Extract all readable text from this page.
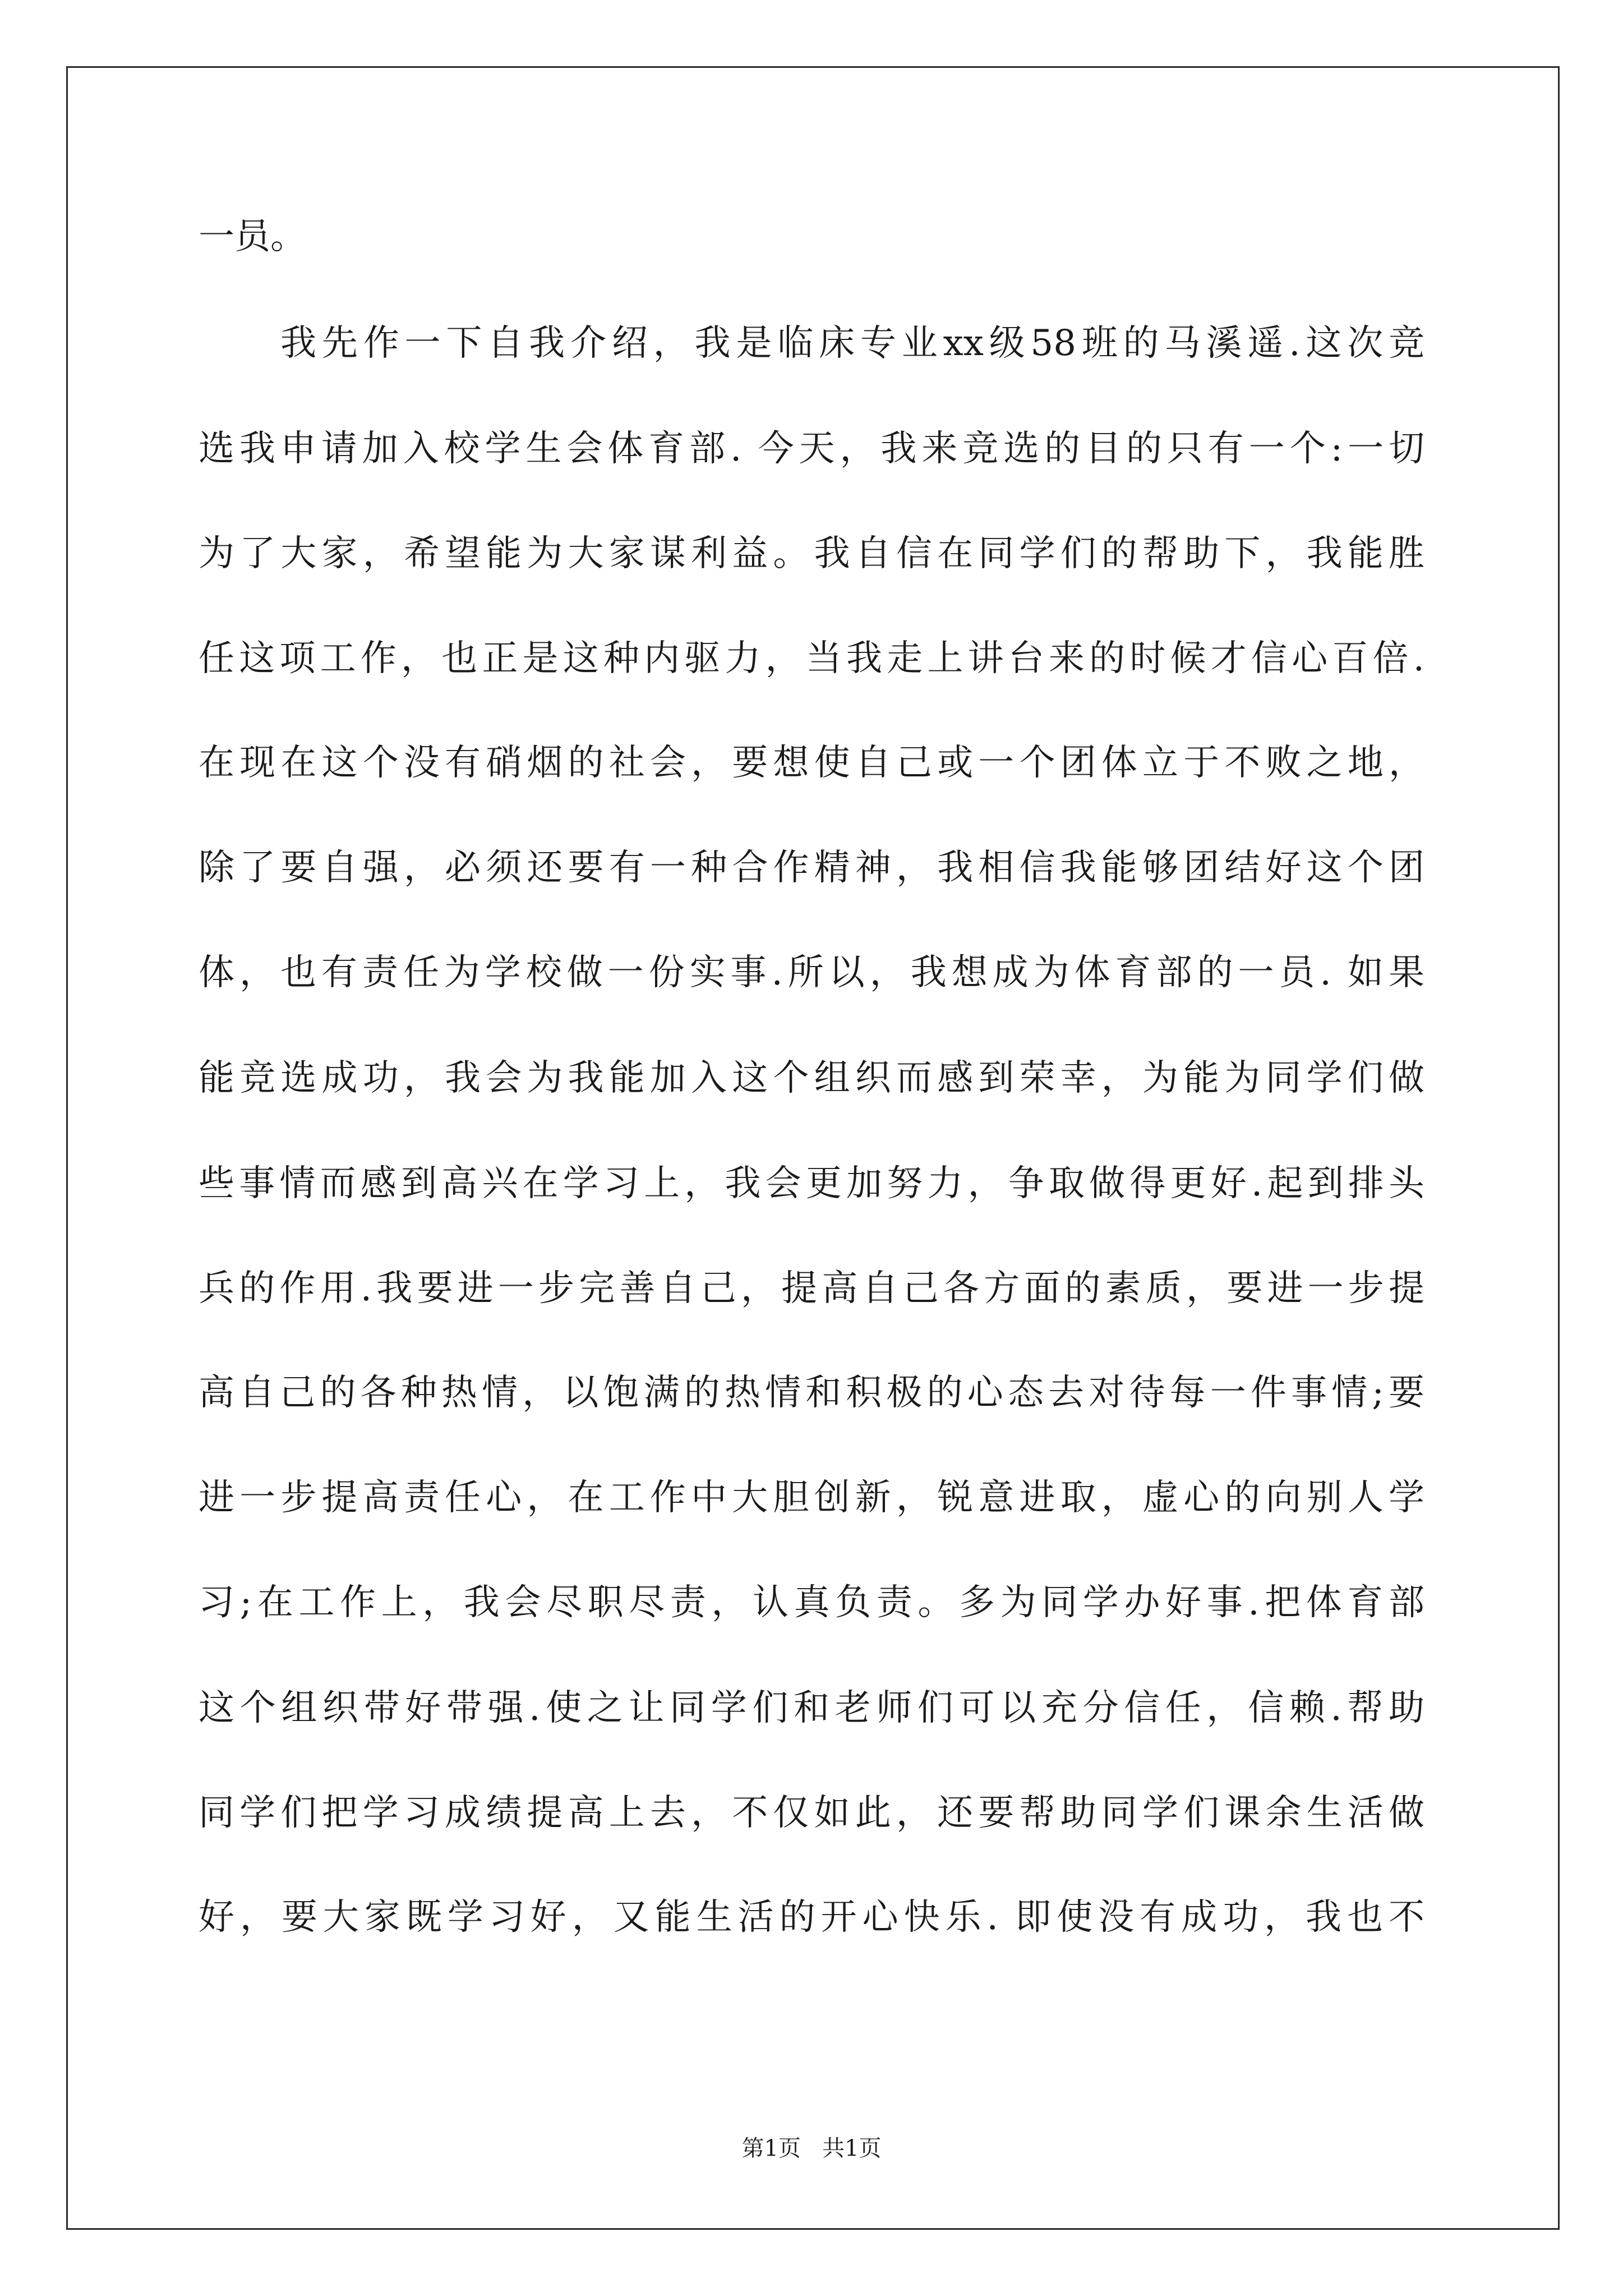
一员。
我先作一下自我介绍，我是临床专业xx级58班的马溪遥.这次竞
选我申请加入校学生会体育部. 今天，我来竞选的目的只有一个:一切
为了大家，希望能为大家谋利益。我自信在同学们的帮助下，我能胜
任这项工作，也正是这种内驱力，当我走上讲台来的时候才信心百倍.
在现在这个没有硝烟的社会，要想使自己或一个团体立于不败之地，
除了要自强，必须还要有一种合作精神，我相信我能够团结好这个团
体，也有责任为学校做一份实事.所以，我想成为体育部的一员. 如果
能竞选成功，我会为我能加入这个组织而感到荣幸，为能为同学们做
些事情而感到高兴在学习上，我会更加努力，争取做得更好.起到排头
兵的作用.我要进一步完善自己，提高自己各方面的素质，要进一步提
高自己的各种热情，以饱满的热情和积极的心态去对待每一件事情;要
进一步提高责任心，在工作中大胆创新，锐意进取，虚心的向别人学
习;在工作上，我会尽职尽责，认真负责。多为同学办好事.把体育部
这个组织带好带强.使之让同学们和老师们可以充分信任，信赖.帮助
同学们把学习成绩提高上去，不仅如此，还要帮助同学们课余生活做
好，要大家既学习好，又能生活的开心快乐. 即使没有成功，我也不
第1页   共1页
